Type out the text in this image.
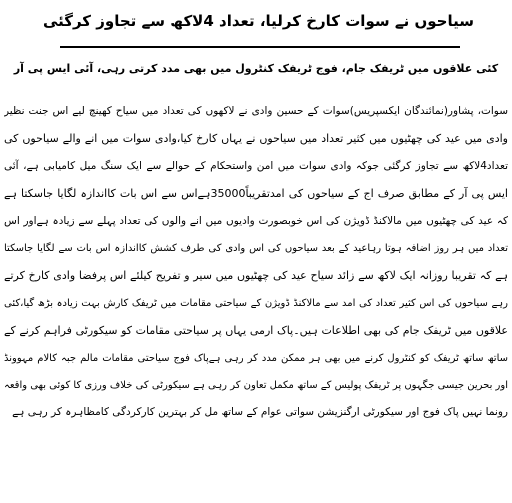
سیاحوں نے سوات کارخ کرلیا، تعداد 4لاکھ سے تجاوز کرگئی
کئی علاقوں میں ٹریفک جام، فوج ٹریفک کنٹرول میں بھی مدد کرتی رہی، آئی ایس پی آر
سوات، پشاور(نمائندگان ایکسپریس)سوات کے حسین وادی نے لاکھوں کی تعداد میں سیاح کھینچ لیے اس جنت نظیر
وادی میں عید کی چھٹیوں میں کثیر تعداد میں سیاحوں نے یہاں کارخ کیا،وادی سوات میں انے والے سیاحوں کی
تعداد4لاکھ سے تجاوز کرگئی جوکہ وادی سوات میں امن واستحکام کے حوالے سے ایک سنگ میل کامیابی ہے، آئی
ایس پی آر کے مطابق صرف اج کے سیاحوں کی امدتقریباً35000ہےاس سے اس بات کااندازہ لگایا جاسکتا ہے
کہ عید کی چھٹیوں میں مالاکنڈ ڈویژن کی اس خوبصورت وادیوں میں انے والوں کی تعداد پہلے سے زیادہ ہےاور اس
تعداد میں ہر روز اضافہ ہوتا رہاعید کے بعد سیاحوں کی اس وادی کی طرف کشش کااندازہ اس بات سے لگایا جاسکتا
ہے کہ تقریبا روزانہ ایک لاکھ سے زائد سیاح عید کی چھٹیوں میں سیر و تفریح کیلئے اس پرفضا وادی کارخ کرتے
رہے سیاحوں کی اس کثیر تعداد کی امد سے مالاکنڈ ڈویژن کے سیاحتی مقامات میں ٹریفک کارش بہت زیادہ بڑھ گیا،کئی
علاقوں میں ٹریفک جام کی بھی اطلاعات ہیں۔پاک ارمی یہاں پر سیاحتی مقامات کو سیکورٹی فراہم کرنے کے
ساتھ ساتھ ٹریفک کو کنٹرول کرنے میں بھی ہر ممکن مدد کر رہی ہےپاک فوج سیاحتی مقامات مالم جبہ کالام مہوونڈ
اور بحرین جیسی جگہوں پر ٹریفک پولیس کے ساتھ مکمل تعاون کر رہی ہے سیکورٹی کی خلاف ورزی کا کوئی بھی واقعہ
رونما نہیں پاک فوج اور سیکورٹی ارگنزیشن سواتی عوام کے ساتھ مل کر بہترین کارکردگی کامظاہرہ کر رہی ہے
